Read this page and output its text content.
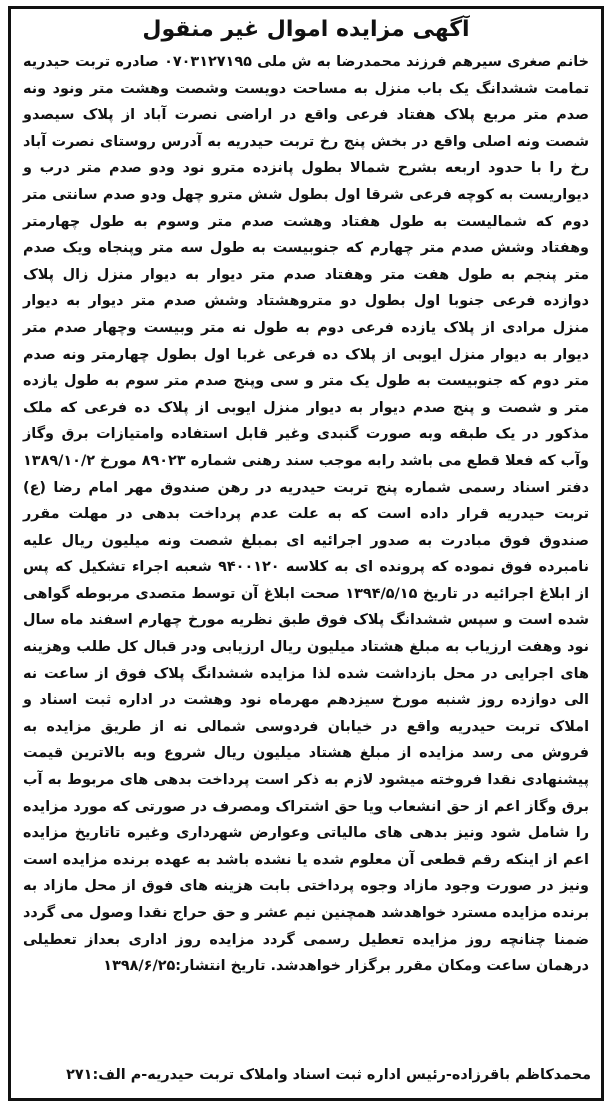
آگهی مزایده اموال غیر منقول
خانم صغری سیرهم فرزند محمدرضا به ش ملی ۰۷۰۳۱۲۷۱۹۵ صادره تربت حیدریه تمامت ششدانگ یک باب منزل به مساحت دویست وشصت وهشت متر ونود ونه صدم متر مربع پلاک هفتاد فرعی واقع در اراضی نصرت آباد از پلاک سیصدو شصت ونه اصلی واقع در بخش پنج رخ تربت حیدریه به آدرس روستای نصرت آباد رخ را با حدود اربعه بشرح شمالا بطول پانزده مترو نود ودو صدم متر درب و دیواریست به کوچه فرعی شرقا اول بطول شش مترو چهل ودو صدم سانتی متر دوم که شمالیست به طول هفتاد وهشت صدم متر وسوم به طول چهارمتر وهفتاد وشش صدم متر چهارم که جنوبیست به طول سه متر وپنجاه ویک صدم متر پنجم به طول هفت متر وهفتاد صدم متر دیوار به دیوار منزل زال پلاک دوازده فرعی جنوبا اول بطول دو متروهشتاد وشش صدم متر دیوار به دیوار منزل مرادی از پلاک یازده فرعی دوم به طول نه متر وبیست وچهار صدم متر دیوار به دیوار منزل ایوبی از پلاک ده فرعی غربا اول بطول چهارمتر ونه صدم متر دوم که جنوبیست به طول یک متر و سی وپنج صدم متر سوم به طول یازده متر و شصت و پنج صدم دیوار به دیوار منزل ایوبی از پلاک ده فرعی که ملک مذکور در یک طبقه وبه صورت گنبدی وغیر قابل استفاده وامتیازات برق وگاز وآب که فعلا قطع می باشد رابه موجب سند رهنی شماره ۸۹۰۲۳ مورخ ۱۳۸۹/۱۰/۲ دفتر اسناد رسمی شماره پنج تربت حیدریه در رهن صندوق مهر امام رضا (ع) تربت حیدریه قرار داده است که به علت عدم پرداخت بدهی در مهلت مقرر صندوق فوق مبادرت به صدور اجرائیه ای بمبلغ شصت ونه میلیون ریال علیه نامبرده فوق نموده که پرونده ای به کلاسه ۹۴۰۰۱۲۰ شعبه اجراء تشکیل که پس از ابلاغ اجرائیه در تاریخ ۱۳۹۴/۵/۱۵ صحت ابلاغ آن توسط متصدی مربوطه گواهی شده است و سپس ششدانگ پلاک فوق طبق نظریه مورخ چهارم اسفند ماه سال نود وهفت ارزیاب به مبلغ هشتاد میلیون ریال ارزیابی ودر قبال کل طلب وهزینه های اجرایی در محل بازداشت شده لذا مزایده ششدانگ پلاک فوق از ساعت نه الی دوازده روز شنبه مورخ سیزدهم مهرماه نود وهشت در اداره ثبت اسناد و املاک تربت حیدریه واقع در خیابان فردوسی شمالی نه از طریق مزایده به فروش می رسد مزایده از مبلغ هشتاد میلیون ریال شروع وبه بالاترین قیمت پیشنهادی نقدا فروخته میشود لازم به ذکر است پرداخت بدهی های مربوط به آب برق وگاز اعم از حق انشعاب ویا حق اشتراک ومصرف در صورتی که مورد مزایده را شامل شود ونیز بدهی های مالیاتی وعوارض شهرداری وغیره تاتاریخ مزایده اعم از اینکه رقم قطعی آن معلوم شده یا نشده باشد به عهده برنده مزایده است ونیز در صورت وجود مازاد وجوه پرداختی بابت هزینه های فوق از محل مازاد به برنده مزایده مسترد خواهدشد همچنین نیم عشر و حق حراج نقدا وصول می گردد ضمنا چنانچه روز مزایده تعطیل رسمی گردد مزایده روز اداری بعداز تعطیلی درهمان ساعت ومکان مقرر برگزار خواهدشد. تاریخ انتشار:۱۳۹۸/۶/۲۵
محمدکاظم باقرزاده-رئیس اداره ثبت اسناد واملاک تربت حیدریه-م الف:۲۷۱
